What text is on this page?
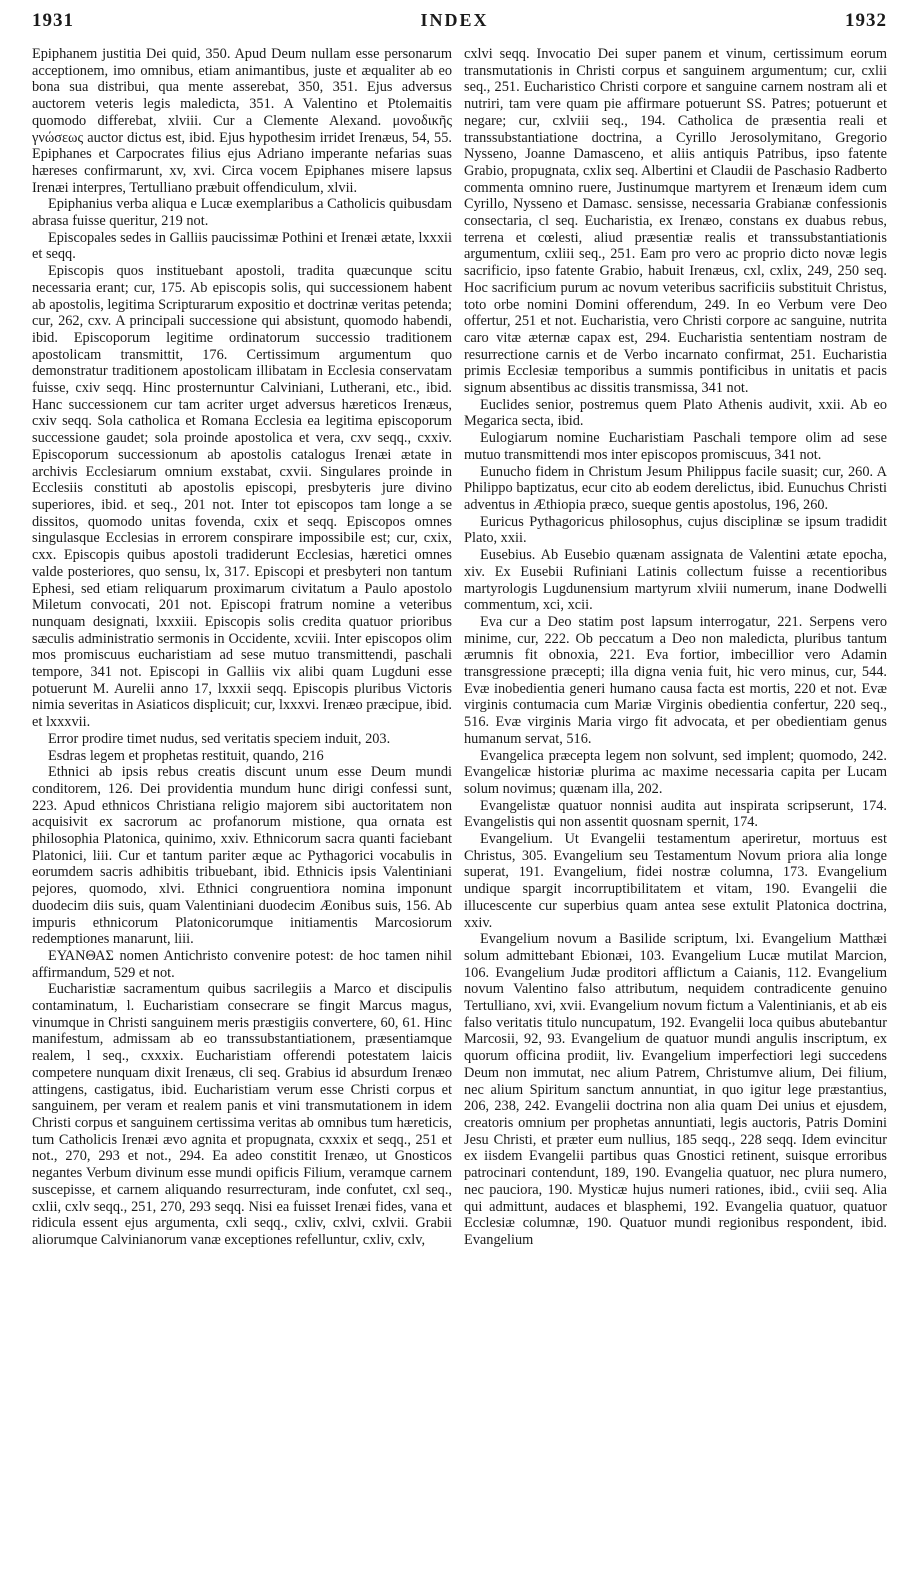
1931	INDEX	1932

Epiphanem justitia Dei quid, 350. Apud Deum nullam esse personarum acceptionem, imo omnibus, etiam animantibus, juste et æqualiter ab eo bona sua distribui, qua mente asserebat, 350, 351. Ejus adversus auctorem veteris legis maledicta, 351. A Valentino et Ptolemaitis quomodo differebat, xlviii. Cur a Clemente Alexand. μονοδικῆς γνώσεως auctor dictus est, ibid. Ejus hypothesim irridet Irenæus, 54, 55. Epiphanes et Carpocrates filius ejus Adriano imperante nefarias suas hæreses confirmarunt, xv, xvi. Circa vocem Epiphanes misere lapsus Irenæi interpres, Tertulliano præbuit offendiculum, xlvii.

Epiphanius verba aliqua e Lucæ exemplaribus a Catholicis quibusdam abrasa fuisse queritur, 219 not.

Episcopales sedes in Galliis paucissimæ Pothini et Irenæi ætate, lxxxii et seqq.

Episcopis quos instituebant apostoli, tradita quæcunque scitu necessaria erant; cur, 175. Ab episcopis solis, qui successionem habent ab apostolis, legitima Scripturarum expositio et doctrinæ veritas petenda; cur, 262, cxv. A principali successione qui absistunt, quomodo habendi, ibid. Episcoporum legitime ordinatorum successio traditionem apostolicam transmittit, 176. Certissimum argumentum quo demonstratur traditionem apostolicam illibatam in Ecclesia conservatam fuisse, cxiv seqq. Hinc prosternuntur Calviniani, Lutherani, etc., ibid. Hanc successionem cur tam acriter urget adversus hæreticos Irenæus, cxiv seqq. Sola catholica et Romana Ecclesia ea legitima episcoporum successione gaudet; sola proinde apostolica et vera, cxv seqq., cxxiv. Episcoporum successionum ab apostolis catalogus Irenæi ætate in archivis Ecclesiarum omnium exstabat, cxvii. Singulares proinde in Ecclesiis constituti ab apostolis episcopi, presbyteris jure divino superiores, ibid. et seq., 201 not. Inter tot episcopos tam longe a se dissitos, quomodo unitas fovenda, cxix et seqq. Episcopos omnes singulasque Ecclesias in errorem conspirare impossibile est; cur, cxix, cxx. Episcopis quibus apostoli tradiderunt Ecclesias, hæretici omnes valde posteriores, quo sensu, lx, 317. Episcopi et presbyteri non tantum Ephesi, sed etiam reliquarum proximarum civitatum a Paulo apostolo Miletum convocati, 201 not. Episcopi fratrum nomine a veteribus nunquam designati, lxxxiii. Episcopis solis credita quatuor prioribus sæculis administratio sermonis in Occidente, xcviii. Inter episcopos olim mos promiscuus eucharistiam ad sese mutuo transmittendi, paschali tempore, 341 not. Episcopi in Galliis vix alibi quam Lugduni esse potuerunt M. Aurelii anno 17, lxxxii seqq. Episcopis pluribus Victoris nimia severitas in Asiaticos displicuit; cur, lxxxvi. Irenæo præcipue, ibid. et lxxxvii.

Error prodire timet nudus, sed veritatis speciem induit, 203.

Esdras legem et prophetas restituit, quando, 216

Ethnici ab ipsis rebus creatis discunt unum esse Deum mundi conditorem, 126. Dei providentia mundum hunc dirigi confessi sunt, 223. Apud ethnicos Christiana religio majorem sibi auctoritatem non acquisivit ex sacrorum ac profanorum mistione, qua ornata est philosophia Platonica, quinimo, xxiv. Ethnicorum sacra quanti faciebant Platonici, liii. Cur et tantum pariter æque ac Pythagorici vocabulis in eorumdem sacris adhibitis tribuebant, ibid. Ethnicis ipsis Valentiniani pejores, quomodo, xlvi. Ethnici congruentiora nomina imponunt duodecim diis suis, quam Valentiniani duodecim Æonibus suis, 156. Ab impuris ethnicorum Platonicorumque initiamentis Marcosiorum redemptiones manarunt, liii.

ΕΥΑΝΘΑΣ nomen Antichristo convenire potest: de hoc tamen nihil affirmandum, 529 et not.

Eucharistiæ sacramentum quibus sacrilegiis a Marco et discipulis contaminatum, l. Eucharistiam consecrare se fingit Marcus magus, vinumque in Christi sanguinem meris præstigiis convertere, 60, 61. Hinc manifestum, admissam ab eo transsubstantiationem, præsentiamque realem, l seq., cxxxix. Eucharistiam offerendi potestatem laicis competere nunquam dixit Irenæus, cli seq. Grabius id absurdum Irenæo attingens, castigatus, ibid. Eucharistiam verum esse Christi corpus et sanguinem, per veram et realem panis et vini transmutationem in idem Christi corpus et sanguinem certissima veritas ab omnibus tum hæreticis, tum Catholicis Irenæi ævo agnita et propugnata, cxxxix et seqq., 251 et not., 270, 293 et not., 294. Ea adeo constitit Irenæo, ut Gnosticos negantes Verbum divinum esse mundi opificis Filium, veramque carnem suscepisse, et carnem aliquando resurrecturam, inde confutet, cxl seq., cxlii, cxlv seqq., 251, 270, 293 seqq. Nisi ea fuisset Irenæi fides, vana et ridicula essent ejus argumenta, cxli seqq., cxliv, cxlvi, cxlvii. Grabii aliorumque Calvinianorum vanæ exceptiones refelluntur, cxliv, cxlv,

cxlvi seqq. Invocatio Dei super panem et vinum, certissimum eorum transmutationis in Christi corpus et sanguinem argumentum; cur, cxlii seq., 251. Eucharistico Christi corpore et sanguine carnem nostram ali et nutriri, tam vere quam pie affirmare potuerunt SS. Patres; potuerunt et negare; cur, cxlviii seq., 194. Catholica de præsentia reali et transsubstantiatione doctrina, a Cyrillo Jerosolymitano, Gregorio Nysseno, Joanne Damasceno, et aliis antiquis Patribus, ipso fatente Grabio, propugnata, cxlix seq. Albertini et Claudii de Paschasio Radberto commenta omnino ruere, Justinumque martyrem et Irenæum idem cum Cyrillo, Nysseno et Damasc. sensisse, necessaria Grabianæ confessionis consectaria, cl seq. Eucharistia, ex Irenæo, constans ex duabus rebus, terrena et cœlesti, aliud præsentiæ realis et transsubstantiationis argumentum, cxliii seq., 251. Eam pro vero ac proprio dicto novæ legis sacrificio, ipso fatente Grabio, habuit Irenæus, cxl, cxlix, 249, 250 seq. Hoc sacrificium purum ac novum veteribus sacrificiis substituit Christus, toto orbe nomini Domini offerendum, 249. In eo Verbum vere Deo offertur, 251 et not. Eucharistia, vero Christi corpore ac sanguine, nutrita caro vitæ æternæ capax est, 294. Eucharistia sententiam nostram de resurrectione carnis et de Verbo incarnato confirmat, 251. Eucharistia primis Ecclesiæ temporibus a summis pontificibus in unitatis et pacis signum absentibus ac dissitis transmissa, 341 not.

Euclides senior, postremus quem Plato Athenis audivit, xxii. Ab eo Megarica secta, ibid.

Eulogiarum nomine Eucharistiam Paschali tempore olim ad sese mutuo transmittendi mos inter episcopos promiscuus, 341 not.

Eunucho fidem in Christum Jesum Philippus facile suasit; cur, 260. A Philippo baptizatus, ecur cito ab eodem derelictus, ibid. Eunuchus Christi adventus in Æthiopia præco, sueque gentis apostolus, 196, 260.

Euricus Pythagoricus philosophus, cujus disciplinæ se ipsum tradidit Plato, xxii.

Eusebius. Ab Eusebio quænam assignata de Valentini ætate epocha, xiv. Ex Eusebii Rufiniani Latinis collectum fuisse a recentioribus martyrologis Lugdunensium martyrum xlviii numerum, inane Dodwelli commentum, xci, xcii.

Eva cur a Deo statim post lapsum interrogatur, 221. Serpens vero minime, cur, 222. Ob peccatum a Deo non maledicta, pluribus tantum ærumnis fit obnoxia, 221. Eva fortior, imbecillior vero Adamin transgressione præcepti; illa digna venia fuit, hic vero minus, cur, 544. Evæ inobedientia generi humano causa facta est mortis, 220 et not. Evæ virginis contumacia cum Mariæ Virginis obedientia confertur, 220 seq., 516. Evæ virginis Maria virgo fit advocata, et per obedientiam genus humanum servat, 516.

Evangelica præcepta legem non solvunt, sed implent; quomodo, 242. Evangelicæ historiæ plurima ac maxime necessaria capita per Lucam solum novimus; quænam illa, 202.

Evangelistæ quatuor nonnisi audita aut inspirata scripserunt, 174. Evangelistis qui non assentit quosnam spernit, 174.

Evangelium. Ut Evangelii testamentum aperiretur, mortuus est Christus, 305. Evangelium seu Testamentum Novum priora alia longe superat, 191. Evangelium, fidei nostræ columna, 173. Evangelium undique spargit incorruptibilitatem et vitam, 190. Evangelii die illucescente cur superbius quam antea sese extulit Platonica doctrina, xxiv.

Evangelium novum a Basilide scriptum, lxi. Evangelium Matthæi solum admittebant Ebionæi, 103. Evangelium Lucæ mutilat Marcion, 106. Evangelium Judæ proditori afflictum a Caianis, 112. Evangelium novum Valentino falso attributum, nequidem contradicente genuino Tertulliano, xvi, xvii. Evangelium novum fictum a Valentinianis, et ab eis falso veritatis titulo nuncupatum, 192. Evangelii loca quibus abutebantur Marcosii, 92, 93. Evangelium de quatuor mundi angulis inscriptum, ex quorum officina prodiit, liv. Evangelium imperfectiori legi succedens Deum non immutat, nec alium Patrem, Christumve alium, Dei filium, nec alium Spiritum sanctum annuntiat, in quo igitur lege præstantius, 206, 238, 242. Evangelii doctrina non alia quam Dei unius et ejusdem, creatoris omnium per prophetas annuntiati, legis auctoris, Patris Domini Jesu Christi, et præter eum nullius, 185 seqq., 228 seqq. Idem evincitur ex iisdem Evangelii partibus quas Gnostici retinent, suisque erroribus patrocinari contendunt, 189, 190. Evangelia quatuor, nec plura numero, nec pauciora, 190. Mysticæ hujus numeri rationes, ibid., cviii seq. Alia qui admittunt, audaces et blasphemi, 192. Evangelia quatuor, quatuor Ecclesiæ columnæ, 190. Quatuor mundi regionibus respondent, ibid. Evangelium
